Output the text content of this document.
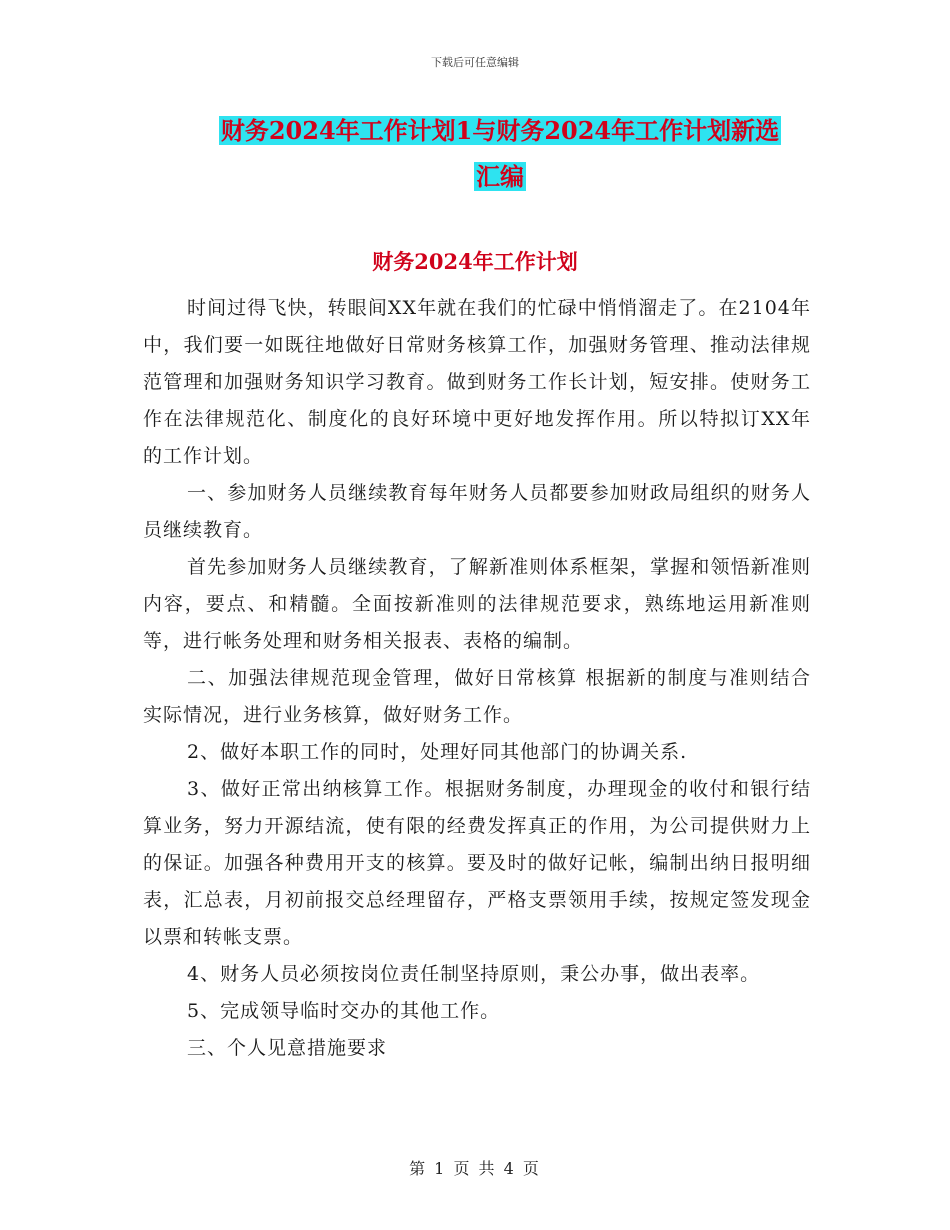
下载后可任意编辑
财务2024年工作计划1与财务2024年工作计划新选
汇编
财务2024年工作计划

时间过得飞快，转眼间XX年就在我们的忙碌中悄悄溜走了。在2104年中，我们要一如既往地做好日常财务核算工作，加强财务管理、推动法律规范管理和加强财务知识学习教育。做到财务工作长计划，短安排。使财务工作在法律规范化、制度化的良好环境中更好地发挥作用。所以特拟订XX年的工作计划。

一、参加财务人员继续教育每年财务人员都要参加财政局组织的财务人员继续教育。

首先参加财务人员继续教育，了解新准则体系框架，掌握和领悟新准则内容，要点、和精髓。全面按新准则的法律规范要求，熟练地运用新准则等，进行帐务处理和财务相关报表、表格的编制。

二、加强法律规范现金管理，做好日常核算 根据新的制度与准则结合实际情况，进行业务核算，做好财务工作。

2、做好本职工作的同时，处理好同其他部门的协调关系.

3、做好正常出纳核算工作。根据财务制度，办理现金的收付和银行结算业务，努力开源结流，使有限的经费发挥真正的作用，为公司提供财力上的保证。加强各种费用开支的核算。要及时的做好记帐，编制出纳日报明细表，汇总表，月初前报交总经理留存，严格支票领用手续，按规定签发现金以票和转帐支票。

4、财务人员必须按岗位责任制坚持原则，秉公办事，做出表率。

5、完成领导临时交办的其他工作。

三、个人见意措施要求

第 1 页 共 4 页
